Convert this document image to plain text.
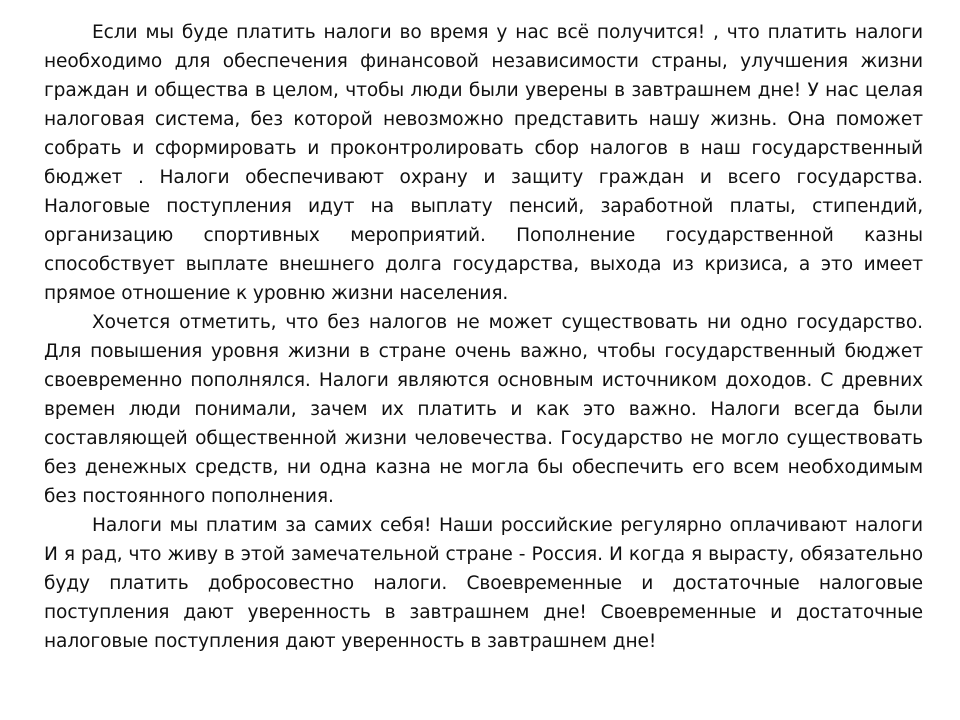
Если мы буде платить налоги во время у нас всё получится! , что платить налоги необходимо для обеспечения финансовой независимости страны, улучшения жизни граждан и общества в целом, чтобы люди были уверены в завтрашнем дне! У нас целая налоговая система, без которой невозможно представить нашу жизнь. Она поможет собрать и сформировать и проконтролировать сбор налогов в наш государственный бюджет . Налоги обеспечивают охрану и защиту граждан и всего государства. Налоговые поступления идут на выплату пенсий, заработной платы, стипендий, организацию спортивных мероприятий. Пополнение государственной казны способствует выплате внешнего долга государства, выхода из кризиса, а это имеет прямое отношение к уровню жизни населения.

Хочется отметить, что без налогов не может существовать ни одно государство. Для повышения уровня жизни в стране очень важно, чтобы государственный бюджет своевременно пополнялся. Налоги являются основным источником доходов. С древних времен люди понимали, зачем их платить и как это важно. Налоги всегда были составляющей общественной жизни человечества. Государство не могло существовать без денежных средств, ни одна казна не могла бы обеспечить его всем необходимым без постоянного пополнения.

Налоги мы платим за самих себя! Наши российские регулярно оплачивают налоги И я рад, что живу в этой замечательной стране - Россия. И когда я вырасту, обязательно буду платить добросовестно налоги. Своевременные и достаточные налоговые поступления дают уверенность в завтрашнем дне! Своевременные и достаточные налоговые поступления дают уверенность в завтрашнем дне!
